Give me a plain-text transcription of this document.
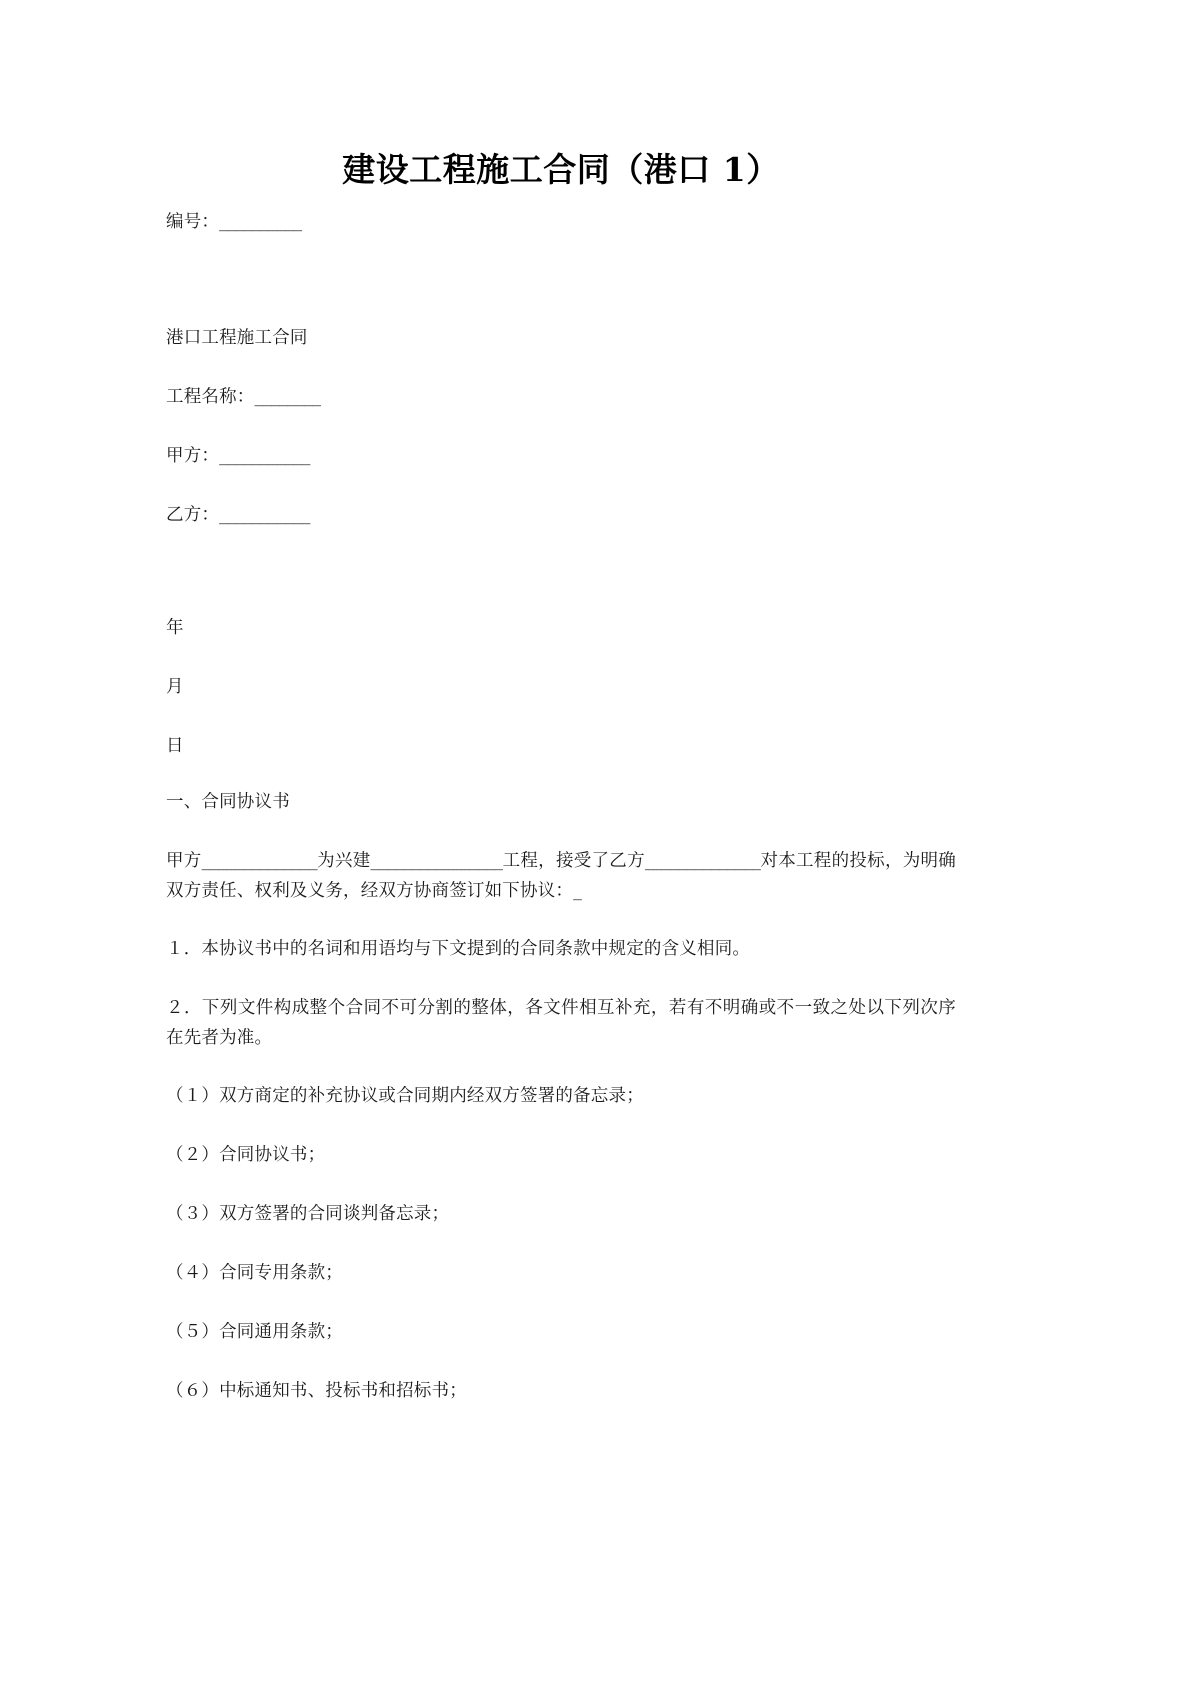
建设工程施工合同（港口 1）

编号：__________

港口工程施工合同

工程名称：________

甲方：___________

乙方：___________

年

月

日

一、合同协议书

甲方______________为兴建________________工程，接受了乙方______________对本工程的投标，为明确双方责任、权利及义务，经双方协商签订如下协议：_

１．本协议书中的名词和用语均与下文提到的合同条款中规定的含义相同。

２．下列文件构成整个合同不可分割的整体，各文件相互补充，若有不明确或不一致之处以下列次序在先者为准。

（１）双方商定的补充协议或合同期内经双方签署的备忘录；

（２）合同协议书；

（３）双方签署的合同谈判备忘录；

（４）合同专用条款；

（５）合同通用条款；

（６）中标通知书、投标书和招标书；
